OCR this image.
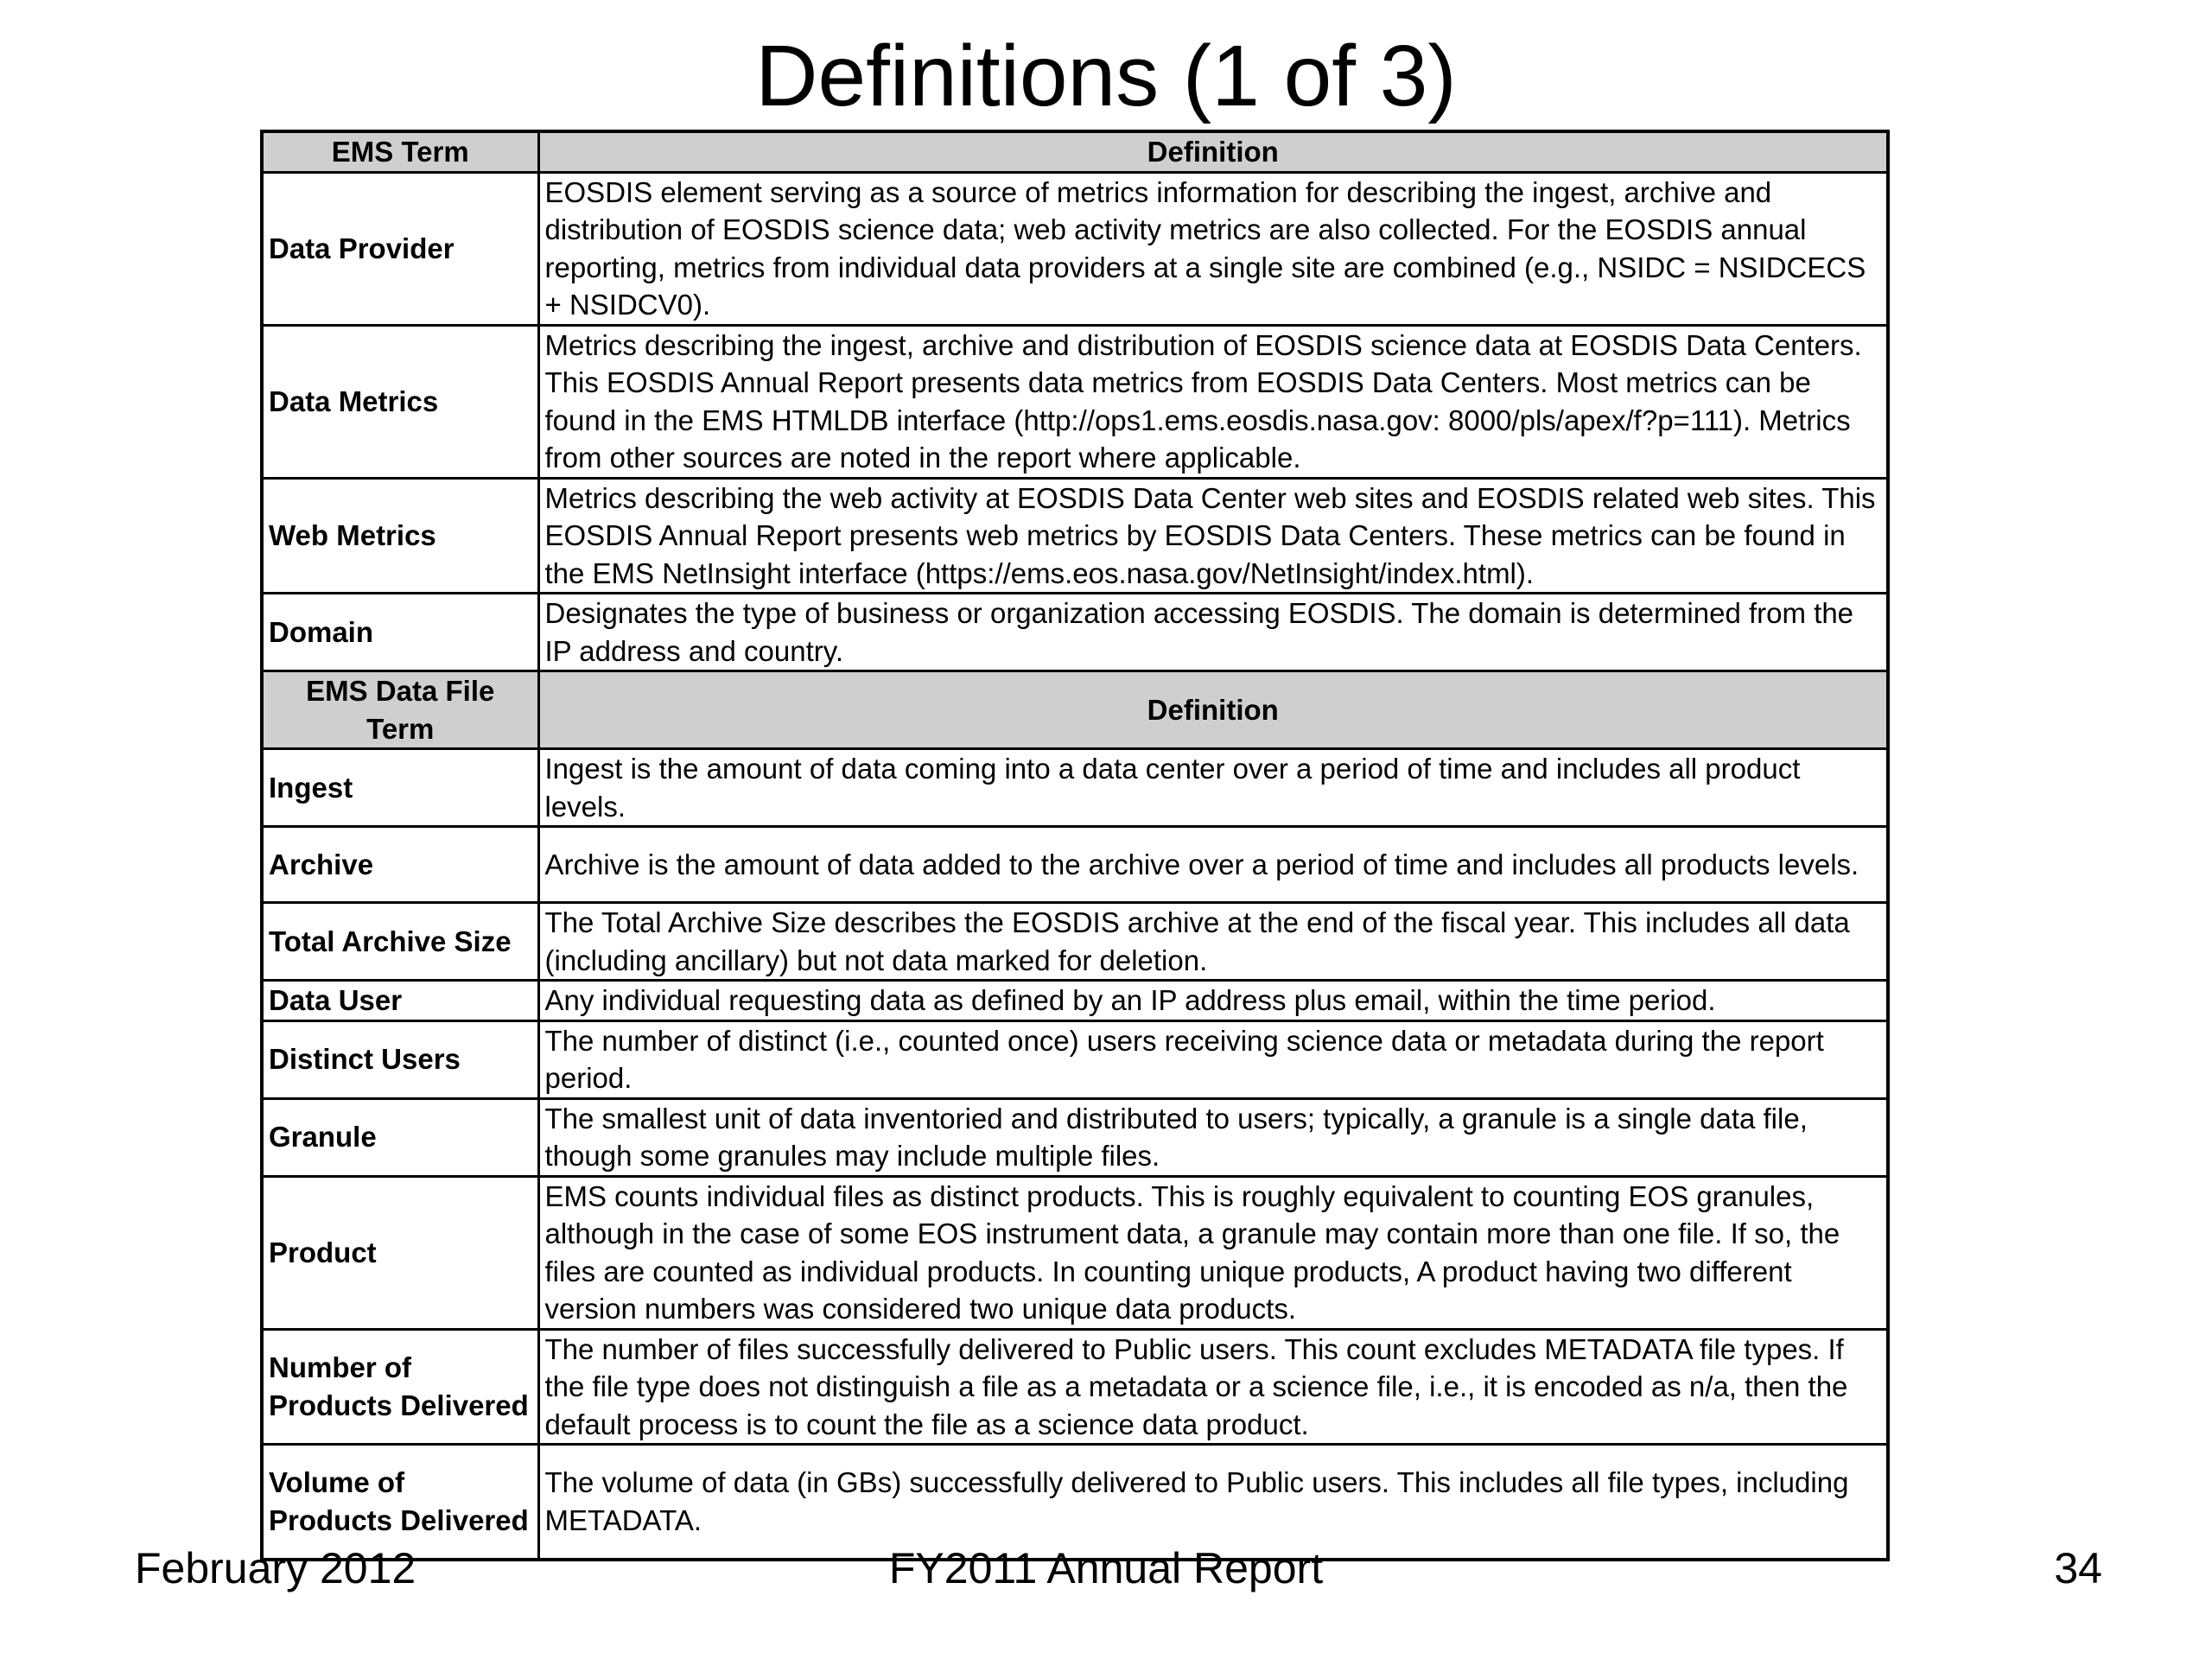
Definitions (1 of 3)
EMS Term	Definition
Data Provider	EOSDIS element serving as a source of metrics information for describing the ingest, archive and distribution of EOSDIS science data; web activity metrics are also collected. For the EOSDIS annual reporting, metrics from individual data providers at a single site are combined (e.g., NSIDC = NSIDCECS + NSIDCV0).
Data Metrics	Metrics describing the ingest, archive and distribution of EOSDIS science data at EOSDIS Data Centers. This EOSDIS Annual Report presents data metrics from EOSDIS Data Centers. Most metrics can be found in the EMS HTMLDB interface (http://ops1.ems.eosdis.nasa.gov: 8000/pls/apex/f?p=111). Metrics from other sources are noted in the report where applicable.
Web Metrics	Metrics describing the web activity at EOSDIS Data Center web sites and EOSDIS related web sites. This EOSDIS Annual Report presents web metrics by EOSDIS Data Centers. These metrics can be found in the EMS NetInsight interface (https://ems.eos.nasa.gov/NetInsight/index.html).
Domain	Designates the type of business or organization accessing EOSDIS. The domain is determined from the IP address and country.
EMS Data File Term	Definition
Ingest	Ingest is the amount of data coming into a data center over a period of time and includes all product levels.
Archive	Archive is the amount of data added to the archive over a period of time and includes all products levels.
Total Archive Size	The Total Archive Size describes the EOSDIS archive at the end of the fiscal year. This includes all data (including ancillary) but not data marked for deletion.
Data User	Any individual requesting data as defined by an IP address plus email, within the time period.
Distinct Users	The number of distinct (i.e., counted once) users receiving science data or metadata during the report period.
Granule	The smallest unit of data inventoried and distributed to users; typically, a granule is a single data file, though some granules may include multiple files.
Product	EMS counts individual files as distinct products. This is roughly equivalent to counting EOS granules, although in the case of some EOS instrument data, a granule may contain more than one file. If so, the files are counted as individual products. In counting unique products, A product having two different version numbers was considered two unique data products.
Number of Products Delivered	The number of files successfully delivered to Public users. This count excludes METADATA file types. If the file type does not distinguish a file as a metadata or a science file, i.e., it is encoded as n/a, then the default process is to count the file as a science data product.
Volume of Products Delivered	The volume of data (in GBs) successfully delivered to Public users. This includes all file types, including METADATA.
February 2012	FY2011 Annual Report	34
